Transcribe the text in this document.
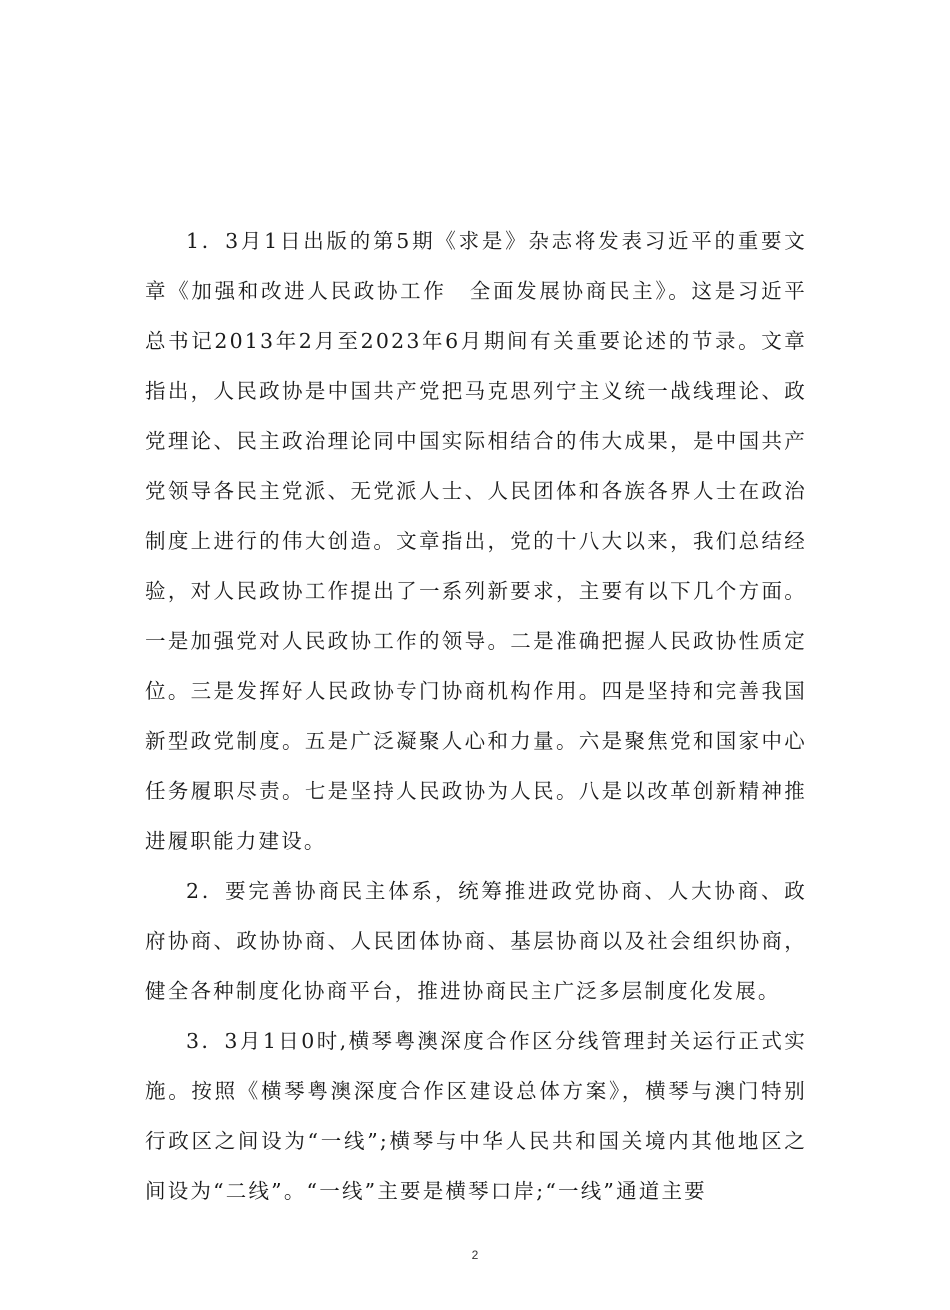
1．3月1日出版的第5期《求是》杂志将发表习近平的重要文章《加强和改进人民政协工作　全面发展协商民主》。这是习近平总书记2013年2月至2023年6月期间有关重要论述的节录。文章指出，人民政协是中国共产党把马克思列宁主义统一战线理论、政党理论、民主政治理论同中国实际相结合的伟大成果，是中国共产党领导各民主党派、无党派人士、人民团体和各族各界人士在政治制度上进行的伟大创造。文章指出，党的十八大以来，我们总结经验，对人民政协工作提出了一系列新要求，主要有以下几个方面。一是加强党对人民政协工作的领导。二是准确把握人民政协性质定位。三是发挥好人民政协专门协商机构作用。四是坚持和完善我国新型政党制度。五是广泛凝聚人心和力量。六是聚焦党和国家中心任务履职尽责。七是坚持人民政协为人民。八是以改革创新精神推进履职能力建设。

2．要完善协商民主体系，统筹推进政党协商、人大协商、政府协商、政协协商、人民团体协商、基层协商以及社会组织协商，健全各种制度化协商平台，推进协商民主广泛多层制度化发展。

3．3月1日0时,横琴粤澳深度合作区分线管理封关运行正式实施。按照《横琴粤澳深度合作区建设总体方案》，横琴与澳门特别行政区之间设为“一线”;横琴与中华人民共和国关境内其他地区之间设为“二线”。“一线”主要是横琴口岸;“一线”通道主要

2
